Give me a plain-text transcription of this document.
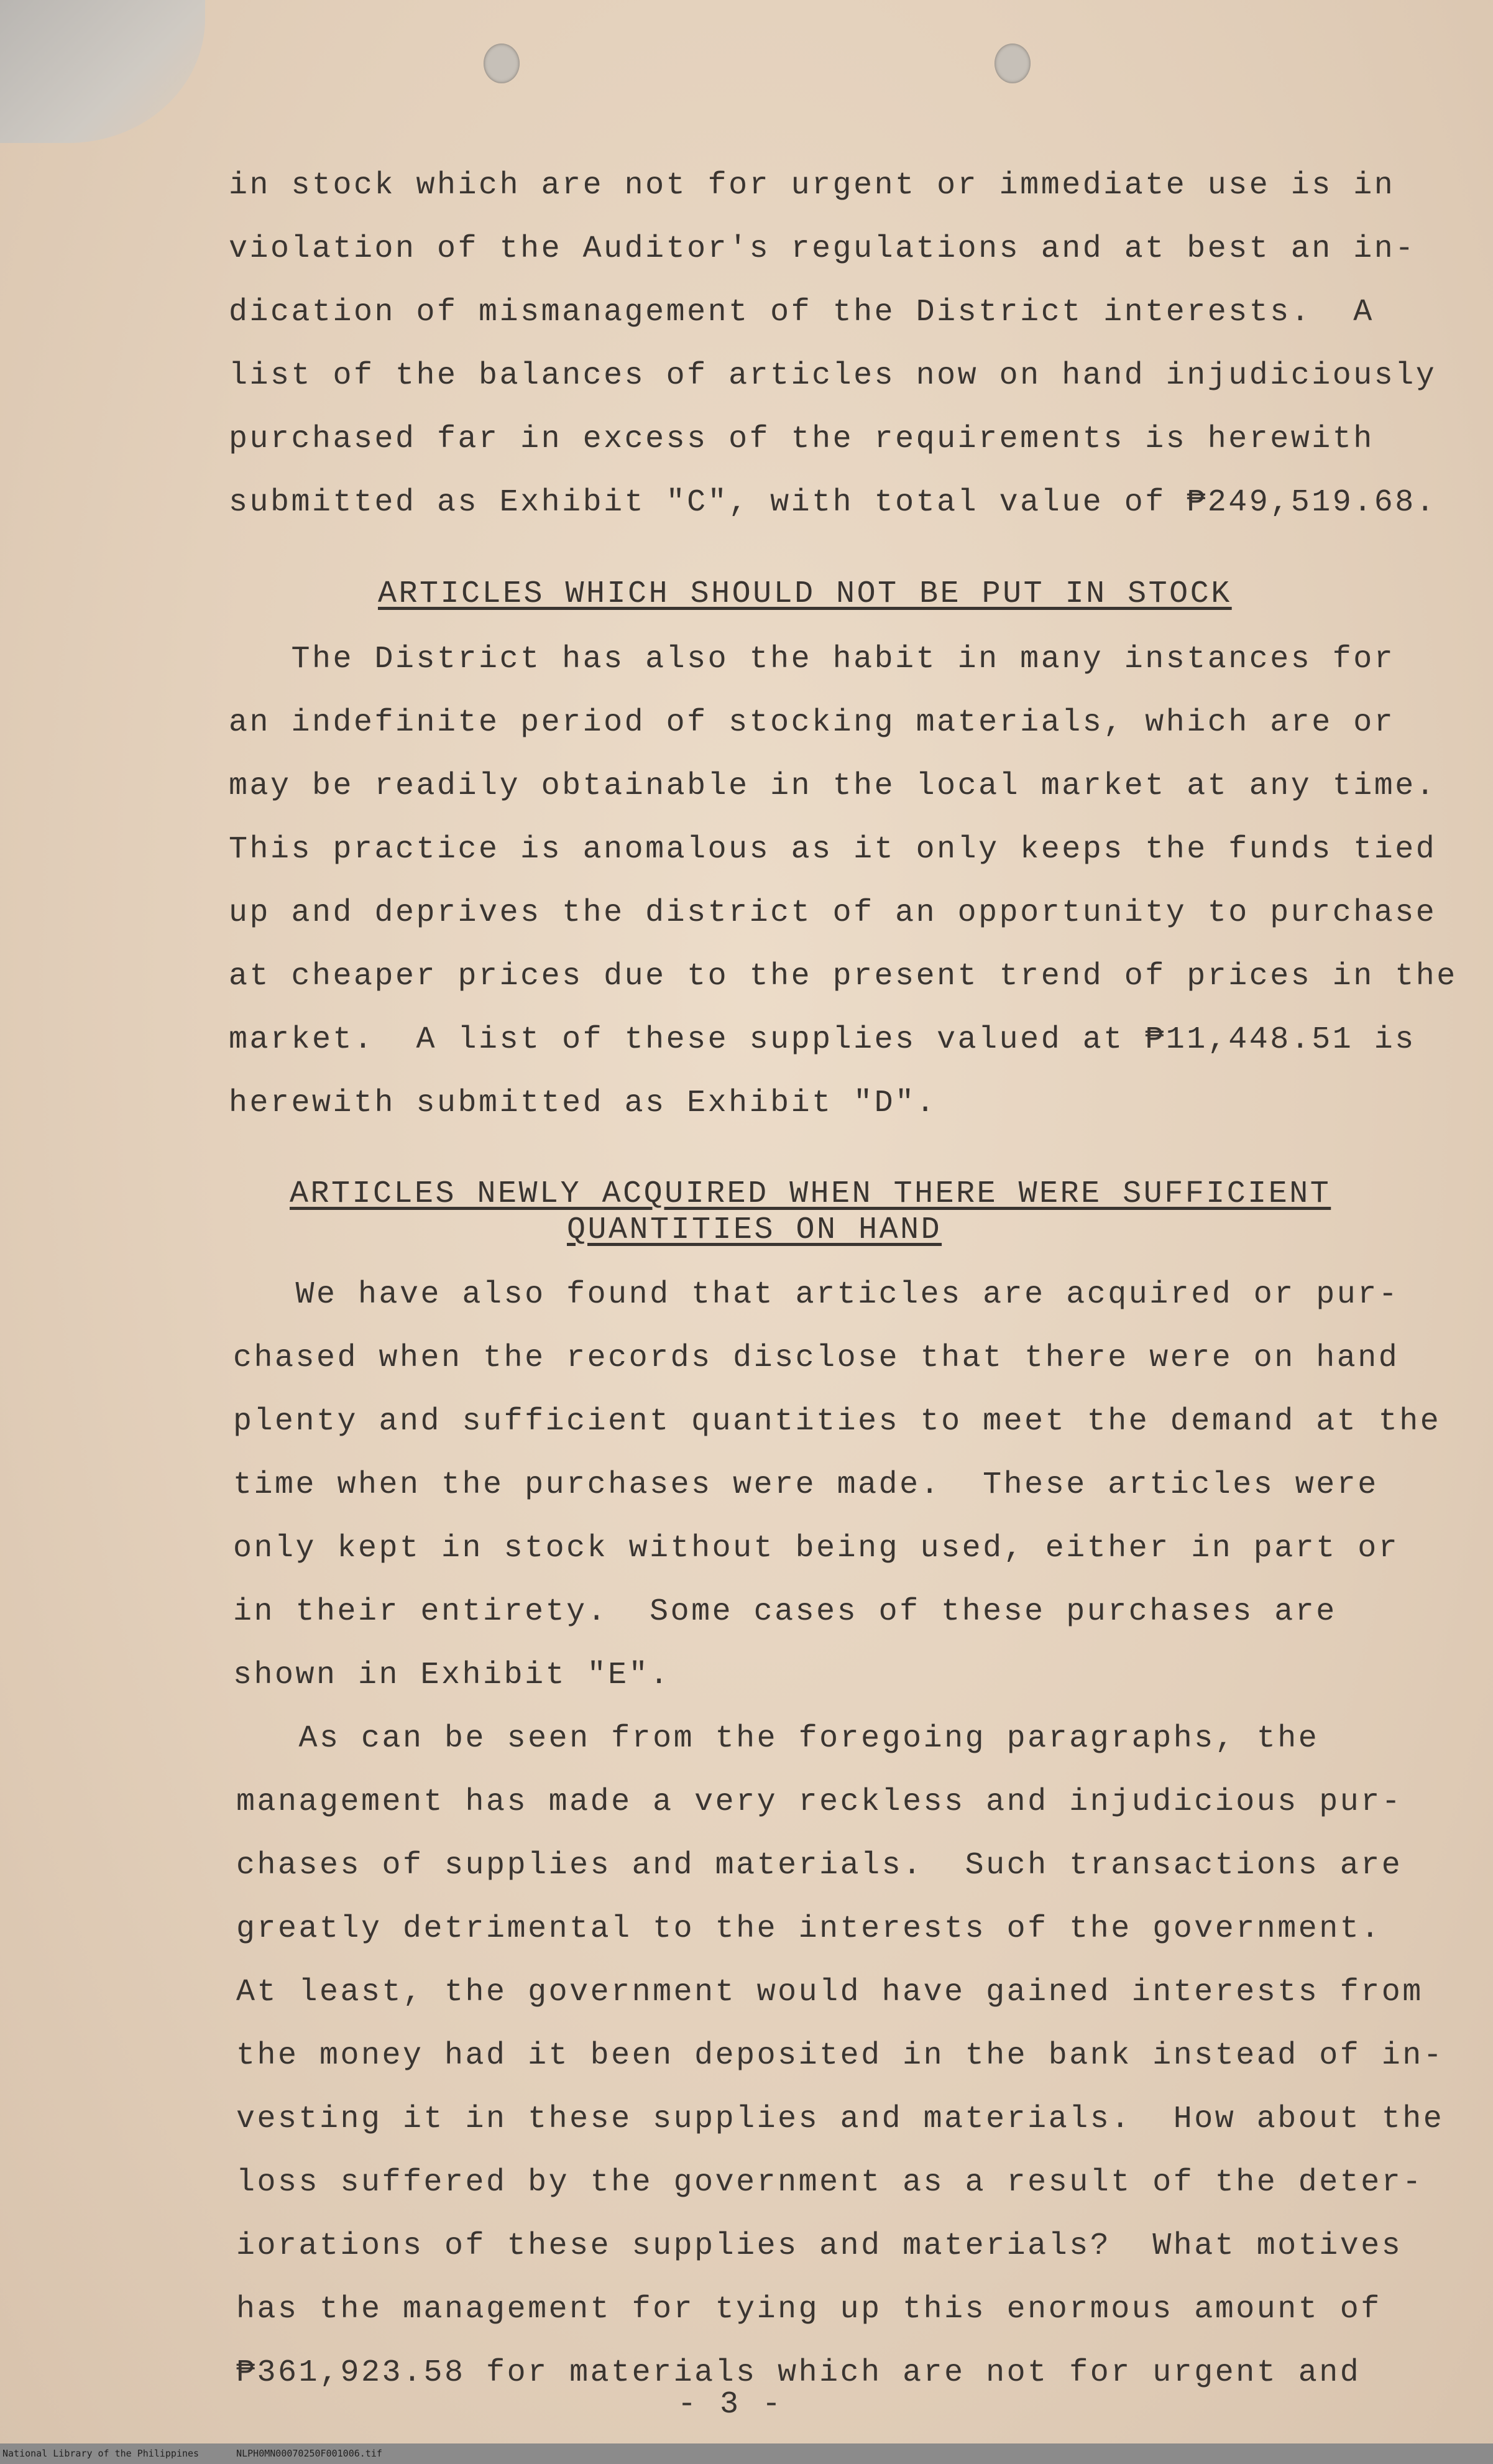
in stock which are not for urgent or immediate use is in

violation of the Auditor's regulations and at best an in-

dication of mismanagement of the District interests.  A

list of the balances of articles now on hand injudiciously

purchased far in excess of the requirements is herewith

submitted as Exhibit "C", with total value of ₱249,519.68.

ARTICLES WHICH SHOULD NOT BE PUT IN STOCK

The District has also the habit in many instances for

an indefinite period of stocking materials, which are or

may be readily obtainable in the local market at any time.

This practice is anomalous as it only keeps the funds tied

up and deprives the district of an opportunity to purchase

at cheaper prices due to the present trend of prices in the

market.  A list of these supplies valued at ₱11,448.51 is

herewith submitted as Exhibit "D".

ARTICLES NEWLY ACQUIRED WHEN THERE WERE SUFFICIENT

QUANTITIES ON HAND

We have also found that articles are acquired or pur-

chased when the records disclose that there were on hand

plenty and sufficient quantities to meet the demand at the

time when the purchases were made.  These articles were

only kept in stock without being used, either in part or

in their entirety.  Some cases of these purchases are

shown in Exhibit "E".

As can be seen from the foregoing paragraphs, the

management has made a very reckless and injudicious pur-

chases of supplies and materials.  Such transactions are

greatly detrimental to the interests of the government.

At least, the government would have gained interests from

the money had it been deposited in the bank instead of in-

vesting it in these supplies and materials.  How about the

loss suffered by the government as a result of the deter-

iorations of these supplies and materials?  What motives

has the management for tying up this enormous amount of

₱361,923.58 for materials which are not for urgent and

- 3 -
National Library of the Philippines	NLPH0MN00070250F001006.tif
